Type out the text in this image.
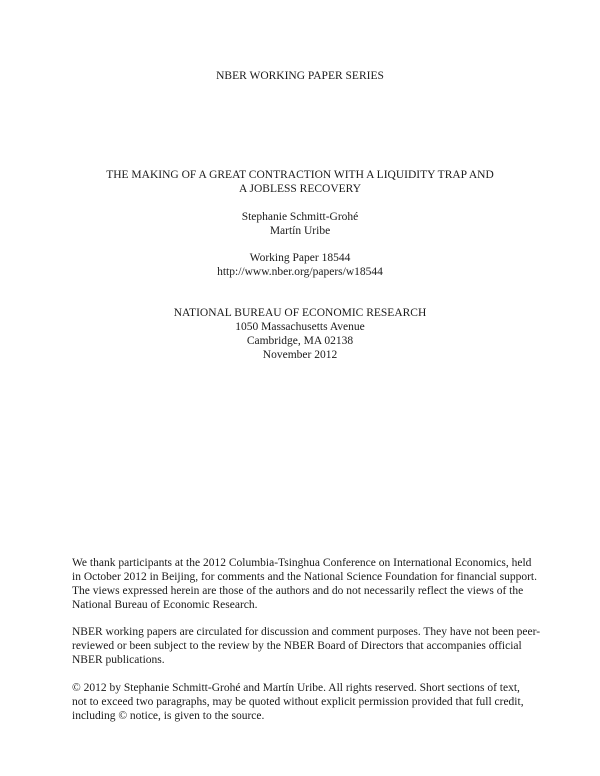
NBER WORKING PAPER SERIES
THE MAKING OF A GREAT CONTRACTION WITH A LIQUIDITY TRAP AND
A JOBLESS RECOVERY
Stephanie Schmitt-Grohé
Martín Uribe
Working Paper 18544
http://www.nber.org/papers/w18544
NATIONAL BUREAU OF ECONOMIC RESEARCH
1050 Massachusetts Avenue
Cambridge, MA 02138
November 2012
We thank participants at the 2012 Columbia-Tsinghua Conference on International Economics, held
in October 2012 in Beijing, for comments and the National Science Foundation for financial support.
The views expressed herein are those of the authors and do not necessarily reflect the views of the
National Bureau of Economic Research.
NBER working papers are circulated for discussion and comment purposes. They have not been peer-
reviewed or been subject to the review by the NBER Board of Directors that accompanies official
NBER publications.
© 2012 by Stephanie Schmitt-Grohé and Martín Uribe. All rights reserved. Short sections of text,
not to exceed two paragraphs, may be quoted without explicit permission provided that full credit,
including © notice, is given to the source.
